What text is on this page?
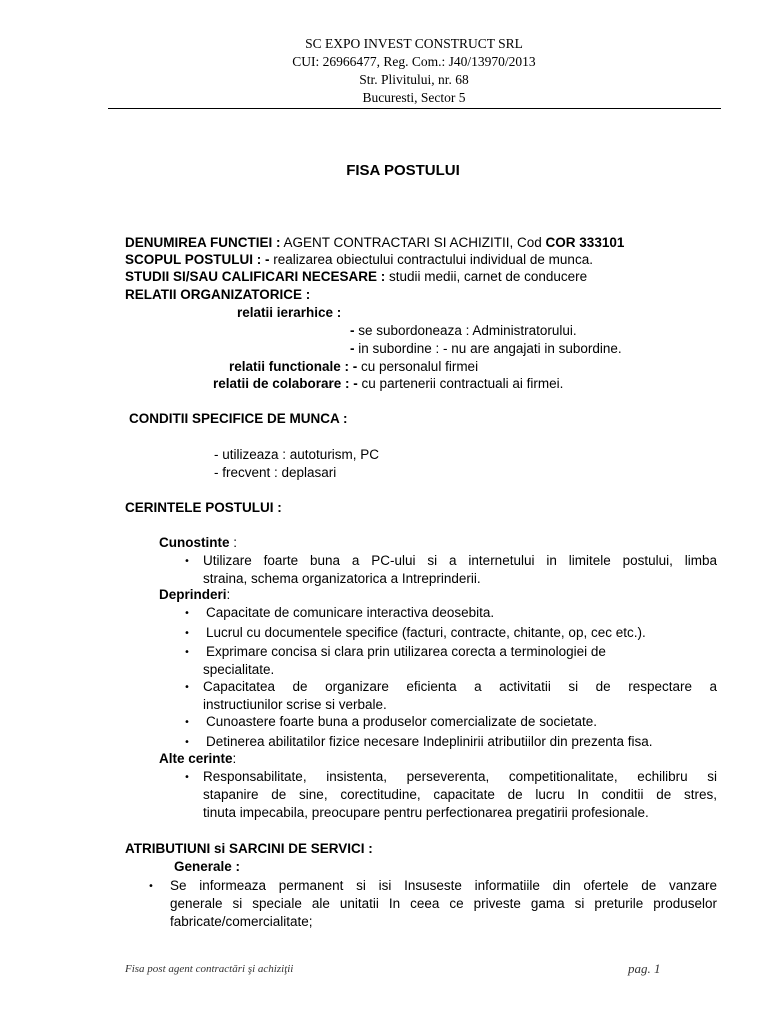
SC EXPO INVEST CONSTRUCT SRL
CUI: 26966477, Reg. Com.: J40/13970/2013
Str. Plivitului, nr. 68
Bucuresti, Sector 5
FISA POSTULUI
DENUMIREA FUNCTIEI : AGENT CONTRACTARI SI ACHIZITII, Cod COR 333101
SCOPUL POSTULUI : - realizarea obiectului contractului individual de munca.
STUDII SI/SAU CALIFICARI NECESARE : studii medii, carnet de conducere
RELATII ORGANIZATORICE :
relatii ierarhice :
- se subordoneaza : Administratorului.
- in subordine : - nu are angajati in subordine.
relatii functionale : - cu personalul firmei
relatii de colaborare : - cu partenerii contractuali ai firmei.
CONDITII SPECIFICE DE MUNCA :
- utilizeaza : autoturism, PC
- frecvent : deplasari
CERINTELE POSTULUI :
Cunostinte :
• Utilizare foarte buna a PC-ului si a internetului in limitele postului, limba
straina, schema organizatorica a Intreprinderii.
Deprinderi:
• Capacitate de comunicare interactiva deosebita.
• Lucrul cu documentele specifice (facturi, contracte, chitante, op, cec etc.).
• Exprimare concisa si clara prin utilizarea corecta a terminologiei de
specialitate.
• Capacitatea de organizare eficienta a activitatii si de respectare a
instructiunilor scrise si verbale.
• Cunoastere foarte buna a produselor comercializate de societate.
• Detinerea abilitatilor fizice necesare Indeplinirii atributiilor din prezenta fisa.
Alte cerinte:
• Responsabilitate, insistenta, perseverenta, competitionalitate, echilibru si
stapanire de sine, corectitudine, capacitate de lucru In conditii de stres,
tinuta impecabila, preocupare pentru perfectionarea pregatirii profesionale.
ATRIBUTIUNI si SARCINI DE SERVICI :
Generale :
• Se informeaza permanent si isi Insuseste informatiile din ofertele de vanzare
generale si speciale ale unitatii In ceea ce priveste gama si preturile produselor
fabricate/comercialitate;
Fisa post agent contractări şi achiziţii	pag. 1
